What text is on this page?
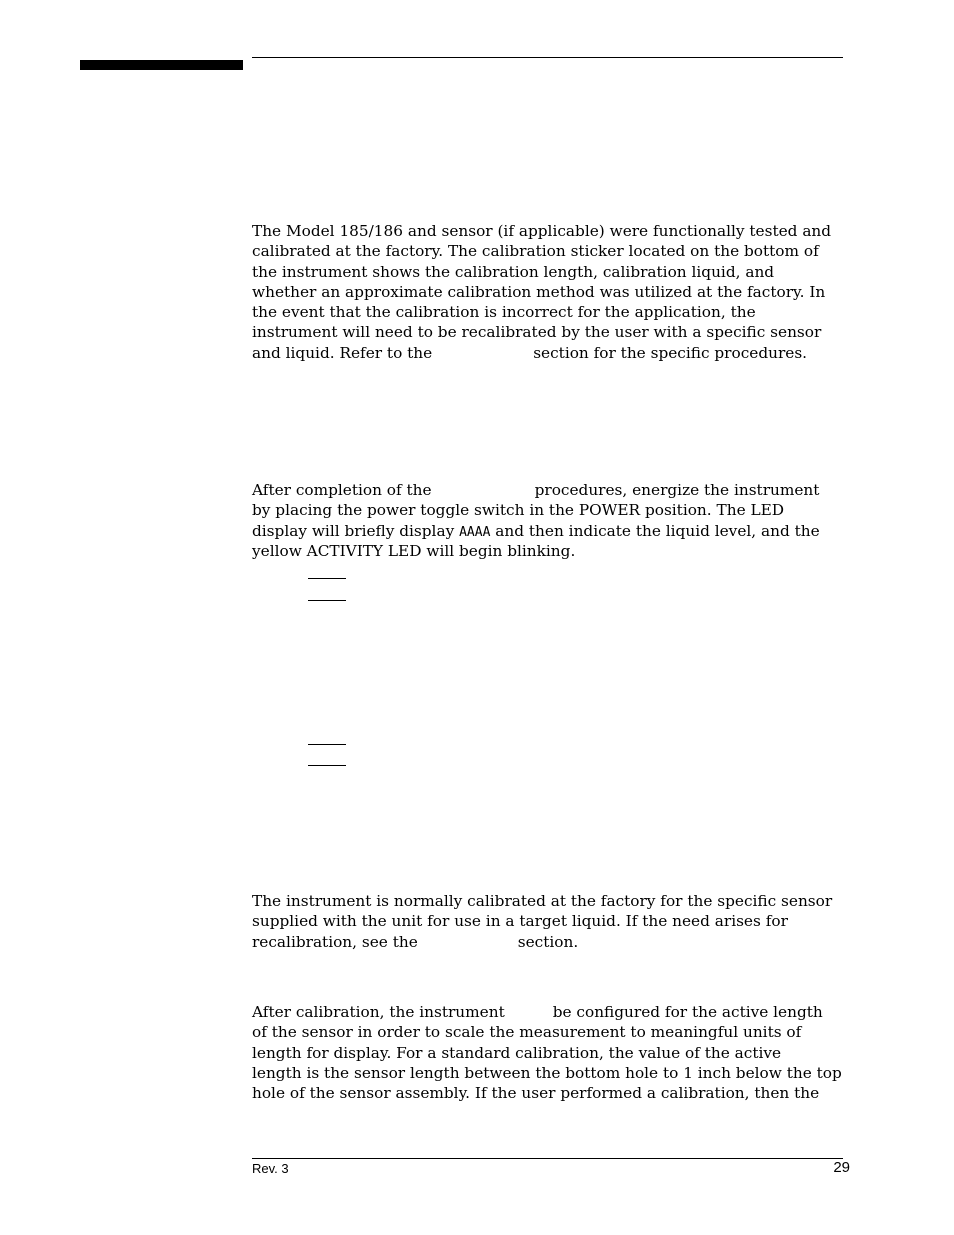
The Model 185/186 and sensor (if applicable) were functionally tested and
calibrated at the factory. The calibration sticker located on the bottom of
the instrument shows the calibration length, calibration liquid, and
whether an approximate calibration method was utilized at the factory. In
the event that the calibration is incorrect for the application, the
instrument will need to be recalibrated by the user with a specific sensor
and liquid. Refer to the	section for the specific procedures.
After completion of the	procedures, energize the instrument
by placing the power toggle switch in the POWER position. The LED
display will briefly display AAAA and then indicate the liquid level, and the
yellow ACTIVITY LED will begin blinking.
The instrument is normally calibrated at the factory for the specific sensor
supplied with the unit for use in a target liquid. If the need arises for
recalibration, see the	section.
After calibration, the instrument	be configured for the active length
of the sensor in order to scale the measurement to meaningful units of
length for display. For a standard calibration, the value of the active
length is the sensor length between the bottom hole to 1 inch below the top
hole of the sensor assembly. If the user performed a calibration, then the
Rev. 3	29
